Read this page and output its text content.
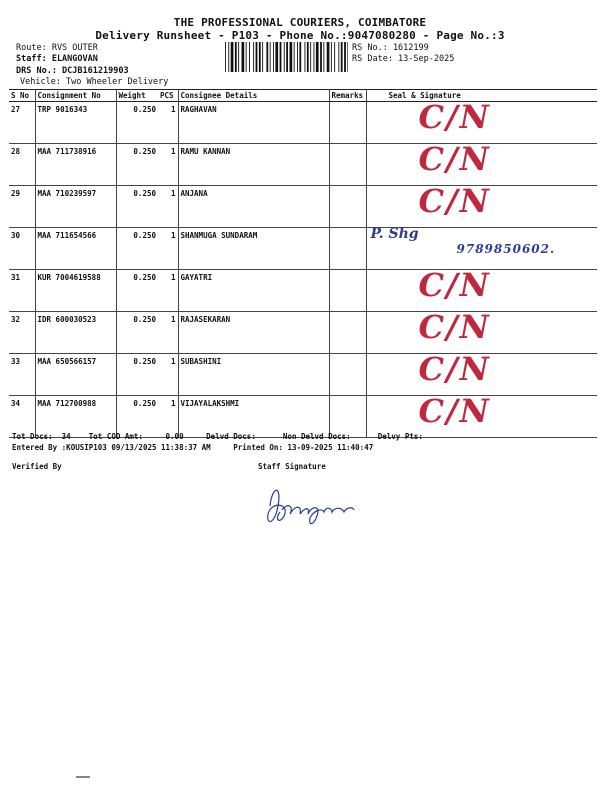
THE PROFESSIONAL COURIERS, COIMBATORE
Delivery Runsheet - P103 - Phone No.:9047080280 - Page No.:3
Route: RVS OUTER
Staff: ELANGOVAN
DRS No.: DCJB161219903
Vehicle: Two Wheeler Delivery
RS No.: 1612199
RS Date: 13-Sep-2025
S No	Consignment No	Weight	PCS	Consignee Details	Remarks	Seal & Signature
27	TRP 9016343	0.250	1	RAGHAVAN		C/N

28	MAA 711738916	0.250	1	RAMU KANNAN		C/N

29	MAA 710239597	0.250	1	ANJANA		C/N

30	MAA 711654566	0.250	1	SHANMUGA SUNDARAM		P. Shg
9789850602.

31	KUR 7004619588	0.250	1	GAYATRI		C/N

32	IDR 600030523	0.250	1	RAJASEKARAN		C/N

33	MAA 650566157	0.250	1	SUBASHINI		C/N

34	MAA 712700988	0.250	1	VIJAYALAKSHMI		C/N
Tot Docs:  34    Tot COD Amt:     0.00     Delvd Docs:      Non Delvd Docs:      Delvy Pts:
Entered By :KOUSIP103 09/13/2025 11:38:37 AM     Printed On: 13-09-2025 11:40:47
Verified By	Staff Signature
